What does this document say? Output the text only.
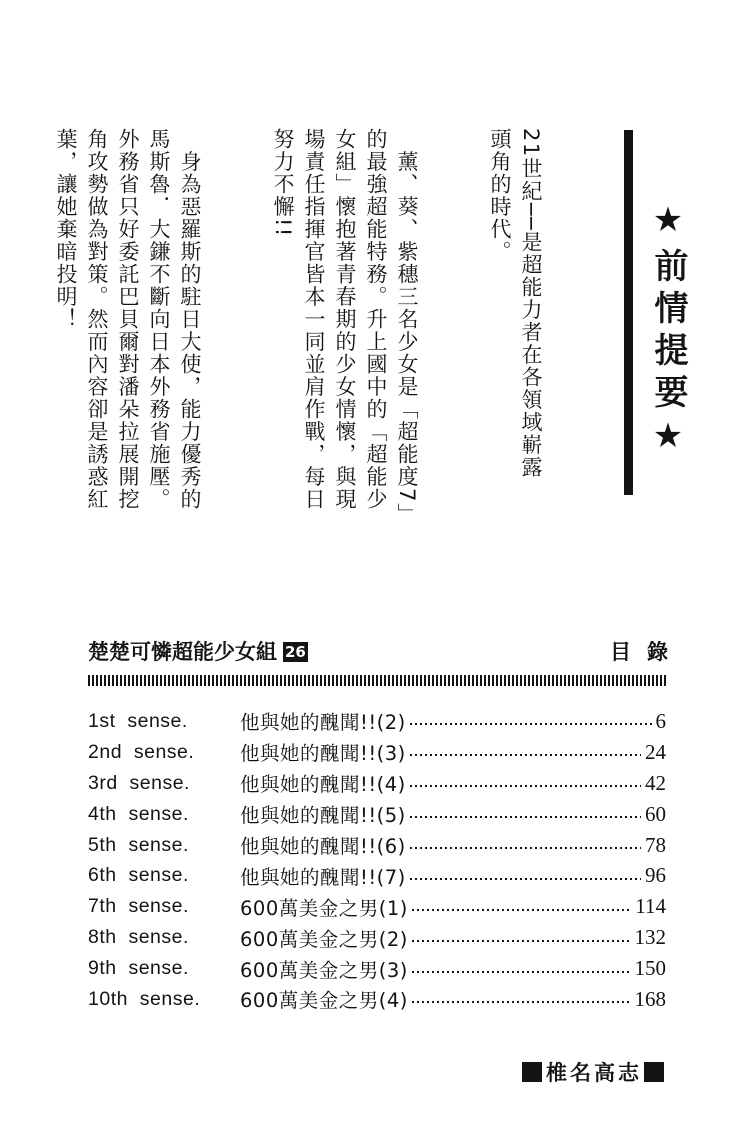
★前情提要★

21世紀──是超能力者在各領域嶄露
頭角的時代。

　薰、葵、紫穗三名少女是「超能度7」
的最強超能特務。升上國中的「超能少
女組」懷抱著青春期的少女情懷，與現
場責任指揮官皆本一同並肩作戰，每日
努力不懈!!

　身為惡羅斯的駐日大使，能力優秀的
馬斯魯．大鎌不斷向日本外務省施壓。
外務省只好委託巴貝爾對潘朵拉展開挖
角攻勢做為對策。然而內容卻是誘惑紅
葉，讓她棄暗投明！

楚楚可憐超能少女組 26	目錄
1st  sense.	他與她的醜聞!!(2)	6
2nd  sense.	他與她的醜聞!!(3)	24
3rd  sense.	他與她的醜聞!!(4)	42
4th  sense.	他與她的醜聞!!(5)	60
5th  sense.	他與她的醜聞!!(6)	78
6th  sense.	他與她的醜聞!!(7)	96
7th  sense.	600萬美金之男(1)	114
8th  sense.	600萬美金之男(2)	132
9th  sense.	600萬美金之男(3)	150
10th  sense.	600萬美金之男(4)	168
椎名高志
